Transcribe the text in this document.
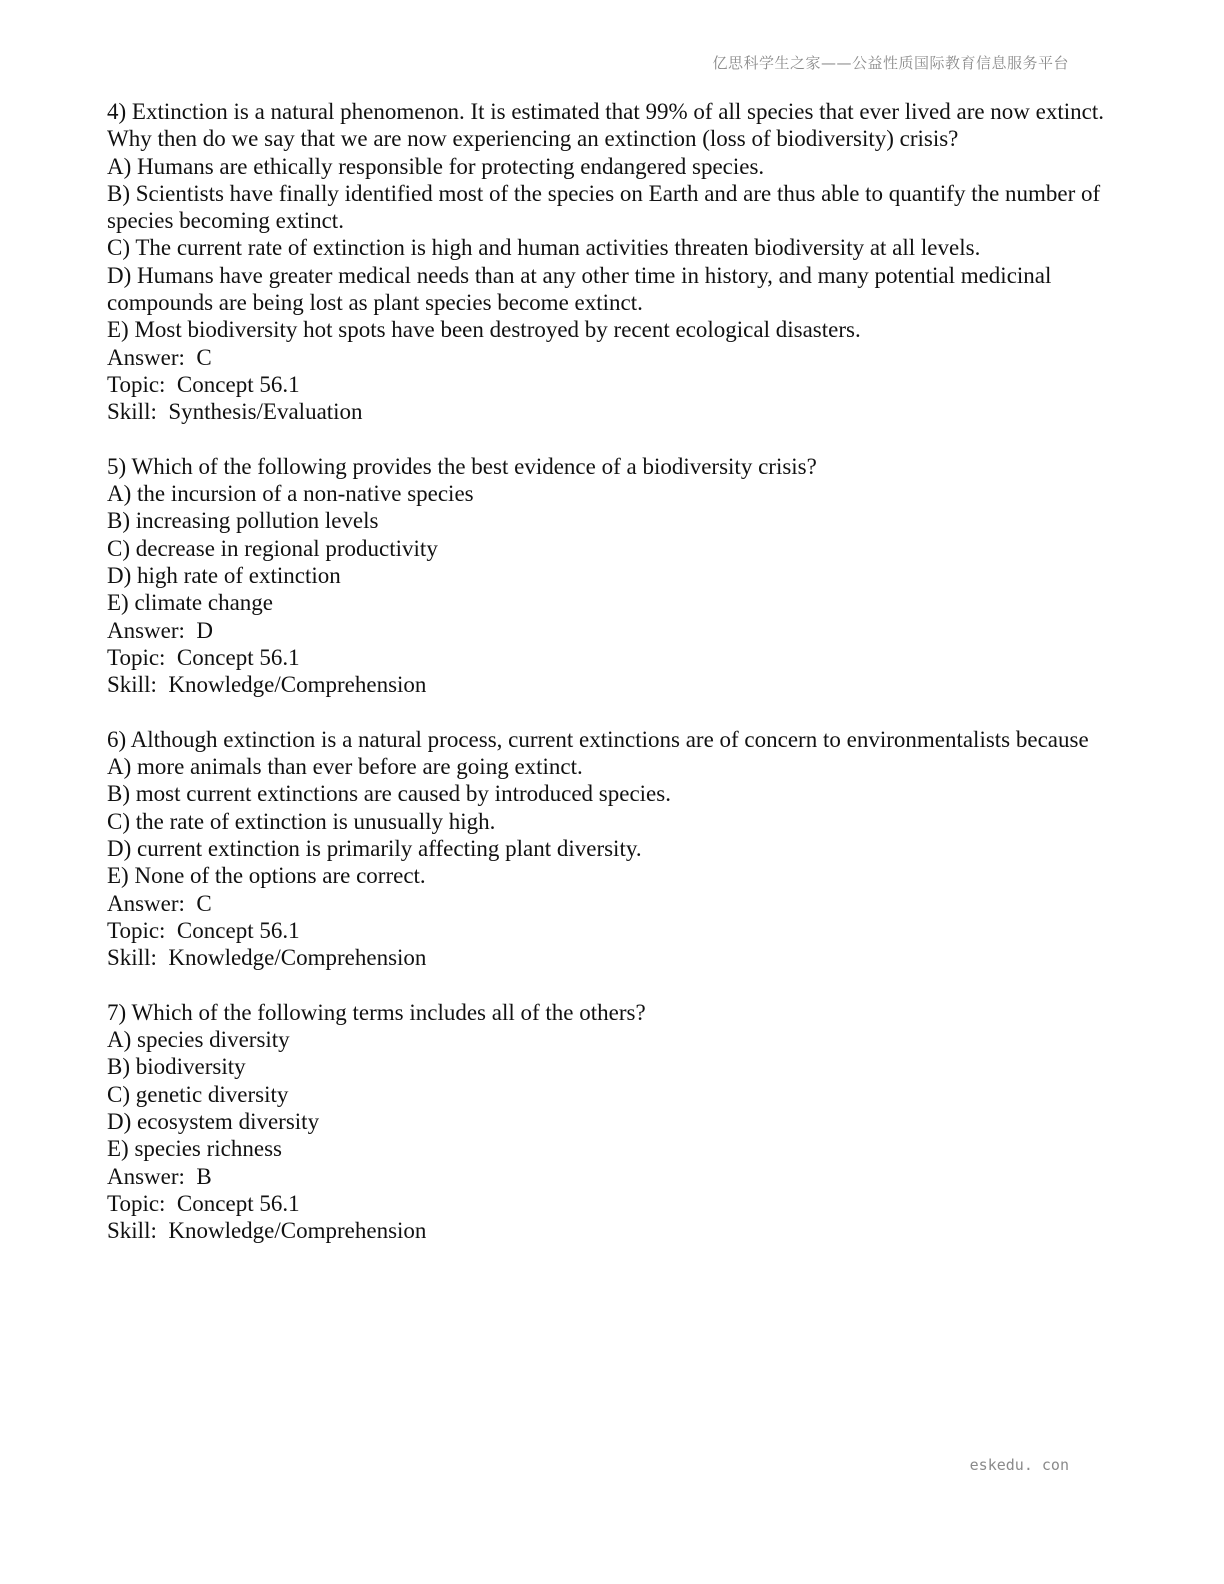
亿思科学生之家——公益性质国际教育信息服务平台
4) Extinction is a natural phenomenon. It is estimated that 99% of all species that ever lived are now extinct. Why then do we say that we are now experiencing an extinction (loss of biodiversity) crisis?
A) Humans are ethically responsible for protecting endangered species.
B) Scientists have finally identified most of the species on Earth and are thus able to quantify the number of species becoming extinct.
C) The current rate of extinction is high and human activities threaten biodiversity at all levels.
D) Humans have greater medical needs than at any other time in history, and many potential medicinal compounds are being lost as plant species become extinct.
E) Most biodiversity hot spots have been destroyed by recent ecological disasters.
Answer:  C
Topic:  Concept 56.1
Skill:  Synthesis/Evaluation
5) Which of the following provides the best evidence of a biodiversity crisis?
A) the incursion of a non-native species
B) increasing pollution levels
C) decrease in regional productivity
D) high rate of extinction
E) climate change
Answer:  D
Topic:  Concept 56.1
Skill:  Knowledge/Comprehension
6) Although extinction is a natural process, current extinctions are of concern to environmentalists because
A) more animals than ever before are going extinct.
B) most current extinctions are caused by introduced species.
C) the rate of extinction is unusually high.
D) current extinction is primarily affecting plant diversity.
E) None of the options are correct.
Answer:  C
Topic:  Concept 56.1
Skill:  Knowledge/Comprehension
7) Which of the following terms includes all of the others?
A) species diversity
B) biodiversity
C) genetic diversity
D) ecosystem diversity
E) species richness
Answer:  B
Topic:  Concept 56.1
Skill:  Knowledge/Comprehension
eskedu. con
